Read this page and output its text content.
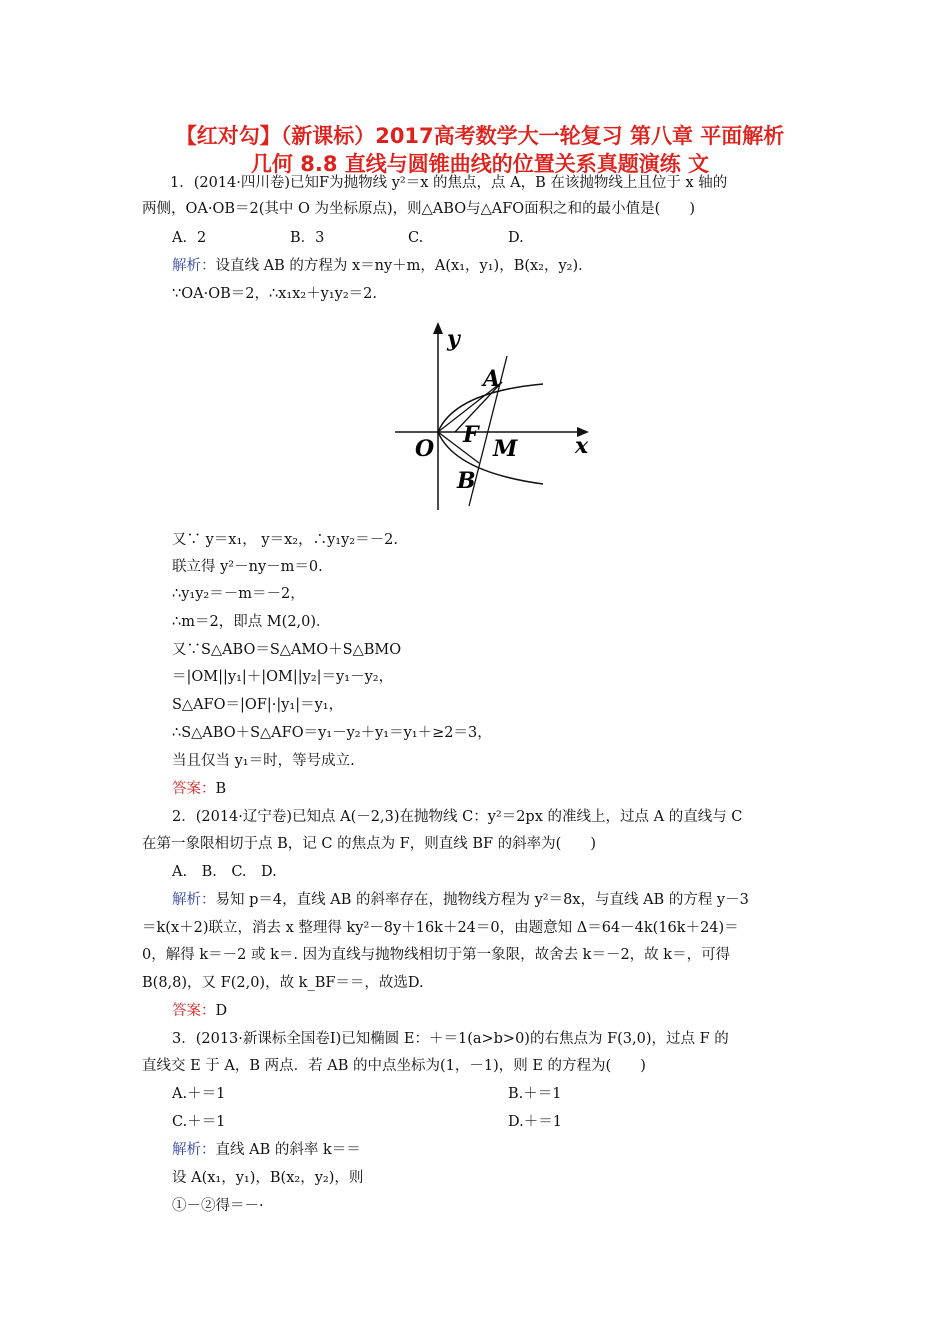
【红对勾】（新课标）2017高考数学大一轮复习 第八章 平面解析
几何 8.8 直线与圆锥曲线的位置关系真题演练 文
1．(2014·四川卷)已知F为抛物线 y²＝x 的焦点，点 A，B 在该抛物线上且位于 x 轴的
两侧，OA·OB＝2(其中 O 为坐标原点)，则△ABO与△AFO面积之和的最小值是(　　)
A．2	B．3	C.	D.
解析：设直线 AB 的方程为 x＝ny＋m，A(x₁，y₁)，B(x₂，y₂)．
∵OA·OB＝2，∴x₁x₂＋y₁y₂＝2.
y
x
O
A
B
F
M
又∵ y＝x₁， y＝x₂，∴y₁y₂＝－2.
联立得 y²－ny－m＝0.
∴y₁y₂＝－m＝－2，
∴m＝2，即点 M(2,0)．
又∵S△ABO＝S△AMO＋S△BMO
＝|OM||y₁|＋|OM||y₂|＝y₁－y₂，
S△AFO＝|OF|·|y₁|＝y₁，
∴S△ABO＋S△AFO＝y₁－y₂＋y₁＝y₁＋≥2＝3，
当且仅当 y₁＝时，等号成立.
答案：B
2．(2014·辽宁卷)已知点 A(－2,3)在抛物线 C：y²＝2px 的准线上，过点 A 的直线与 C
在第一象限相切于点 B，记 C 的焦点为 F，则直线 BF 的斜率为(　　)
A.　B.　C.　D.
解析：易知 p＝4，直线 AB 的斜率存在，抛物线方程为 y²＝8x，与直线 AB 的方程 y－3
＝k(x＋2)联立，消去 x 整理得 ky²－8y＋16k＋24＝0，由题意知 Δ＝64－4k(16k＋24)＝
0，解得 k＝－2 或 k＝. 因为直线与抛物线相切于第一象限，故舍去 k＝－2，故 k＝，可得
B(8,8)，又 F(2,0)，故 k_BF＝＝，故选D.
答案：D
3．(2013·新课标全国卷Ⅰ)已知椭圆 E：＋＝1(a>b>0)的右焦点为 F(3,0)，过点 F 的
直线交 E 于 A，B 两点．若 AB 的中点坐标为(1，－1)，则 E 的方程为(　　)
A.＋＝1	B.＋＝1
C.＋＝1	D.＋＝1
解析：直线 AB 的斜率 k＝＝
设 A(x₁，y₁)，B(x₂，y₂)，则
①－②得＝－·
